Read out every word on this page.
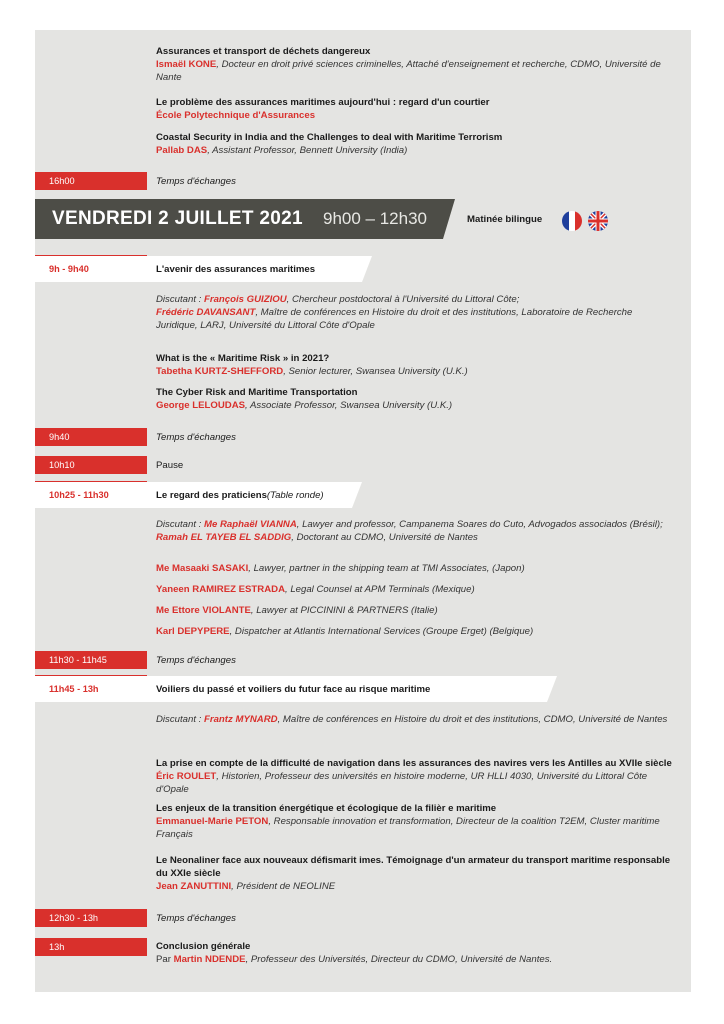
Assurances et transport de déchets dangereux

Ismaël KONE, Docteur en droit privé sciences criminelles, Attaché d'enseignement et recherche, CDMO, Université de Nante

Le problème des assurances maritimes aujourd'hui : regard d'un courtier

École Polytechnique d'Assurances

Coastal Security in India and the Challenges to deal with Maritime Terrorism

Pallab DAS, Assistant Professor, Bennett University (India)

16h00	Temps d'échanges
VENDREDI 2 JUILLET 2021 9h00 – 12h30	Matinée bilingue
9h - 9h40	L'avenir des assurances maritimes

Discutant : François GUIZIOU, Chercheur postdoctoral à l'Université du Littoral Côte;

Frédéric DAVANSANT, Maître de conférences en Histoire du droit et des institutions, Laboratoire de Recherche Juridique, LARJ, Université du Littoral Côte d'Opale

What is the « Maritime Risk » in 2021?

Tabetha KURTZ-SHEFFORD, Senior lecturer, Swansea University (U.K.)

The Cyber Risk and Maritime Transportation

George LELOUDAS, Associate Professor, Swansea University (U.K.)

9h40	Temps d'échanges
10h10	Pause
10h25 - 11h30	Le regard des praticiens (Table ronde)

Discutant : Me Raphaël VIANNA, Lawyer and professor, Campanema Soares do Cuto, Advogados associados (Brésil); Ramah EL TAYEB EL SADDIG, Doctorant au CDMO, Université de Nantes

Me Masaaki SASAKI, Lawyer, partner in the shipping team at TMI Associates, (Japon)

Yaneen RAMIREZ ESTRADA, Legal Counsel at APM Terminals (Mexique)

Me Ettore VIOLANTE, Lawyer at PICCININI & PARTNERS (Italie)

Karl DEPYPERE, Dispatcher at Atlantis International Services (Groupe Erget) (Belgique)

11h30 - 11h45	Temps d'échanges
11h45 - 13h	Voiliers du passé et voiliers du futur face au risque maritime

Discutant : Frantz MYNARD, Maître de conférences en Histoire du droit et des institutions, CDMO, Université de Nantes

La prise en compte de la difficulté de navigation dans les assurances des navires vers les Antilles au XVIIe siècle

Éric ROULET, Historien, Professeur des universités en histoire moderne, UR HLLI 4030, Université du Littoral Côte d'Opale

Les enjeux de la transition énergétique et écologique de la filièr e maritime

Emmanuel-Marie PETON, Responsable innovation et transformation, Directeur de la coalition T2EM, Cluster maritime Français

Le Neonaliner face aux nouveaux défismarit imes. Témoignage d'un armateur du transport maritime responsable du XXIe siècle

Jean ZANUTTINI, Président de NEOLINE

12h30 - 13h	Temps d'échanges
13h	Conclusion générale

Par Martin NDENDE, Professeur des Universités, Directeur du CDMO, Université de Nantes.
